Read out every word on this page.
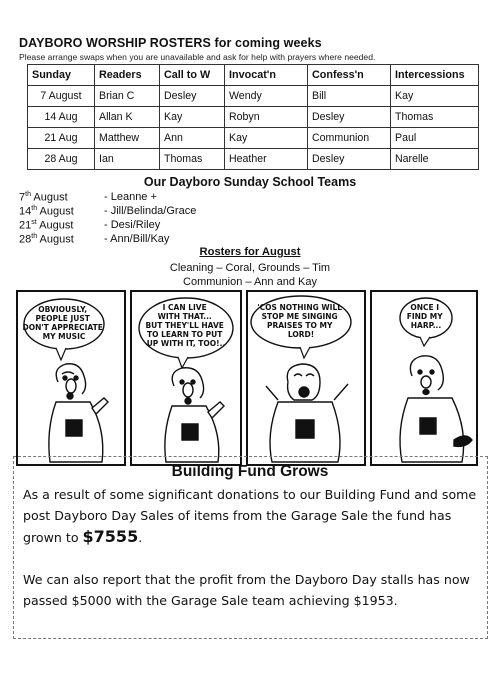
DAYBORO WORSHIP ROSTERS for coming weeks
Please arrange swaps when you are unavailable and ask for help with prayers where needed.
Sunday	Readers	Call to W	Invocat'n	Confess'n	Intercessions
7 August	Brian C	Desley	Wendy	Bill	Kay
14 Aug	Allan K	Kay	Robyn	Desley	Thomas
21 Aug	Matthew	Ann	Kay	Communion	Paul
28 Aug	Ian	Thomas	Heather	Desley	Narelle
Our Dayboro Sunday School Teams
7th August	- Leanne +
14th August	- Jill/Belinda/Grace
21st August	- Desi/Riley
28th August	- Ann/Bill/Kay
Rosters for August
Cleaning – Coral, Grounds – Tim
Communion – Ann and Kay
OBVIOUSLY, PEOPLE JUST DON'T APPRECIATE MY MUSIC
I CAN LIVE WITH THAT... BUT THEY'LL HAVE TO LEARN TO PUT UP WITH IT, TOO!..
'COS NOTHING WILL STOP ME SINGING PRAISES TO MY LORD!
ONCE I FIND MY HARP...
Building Fund Grows
As a result of some significant donations to our Building Fund and some post Dayboro Day Sales of items from the Garage Sale the fund has grown to $7555.
We can also report that the profit from the Dayboro Day stalls has now passed $5000 with the Garage Sale team achieving $1953.
